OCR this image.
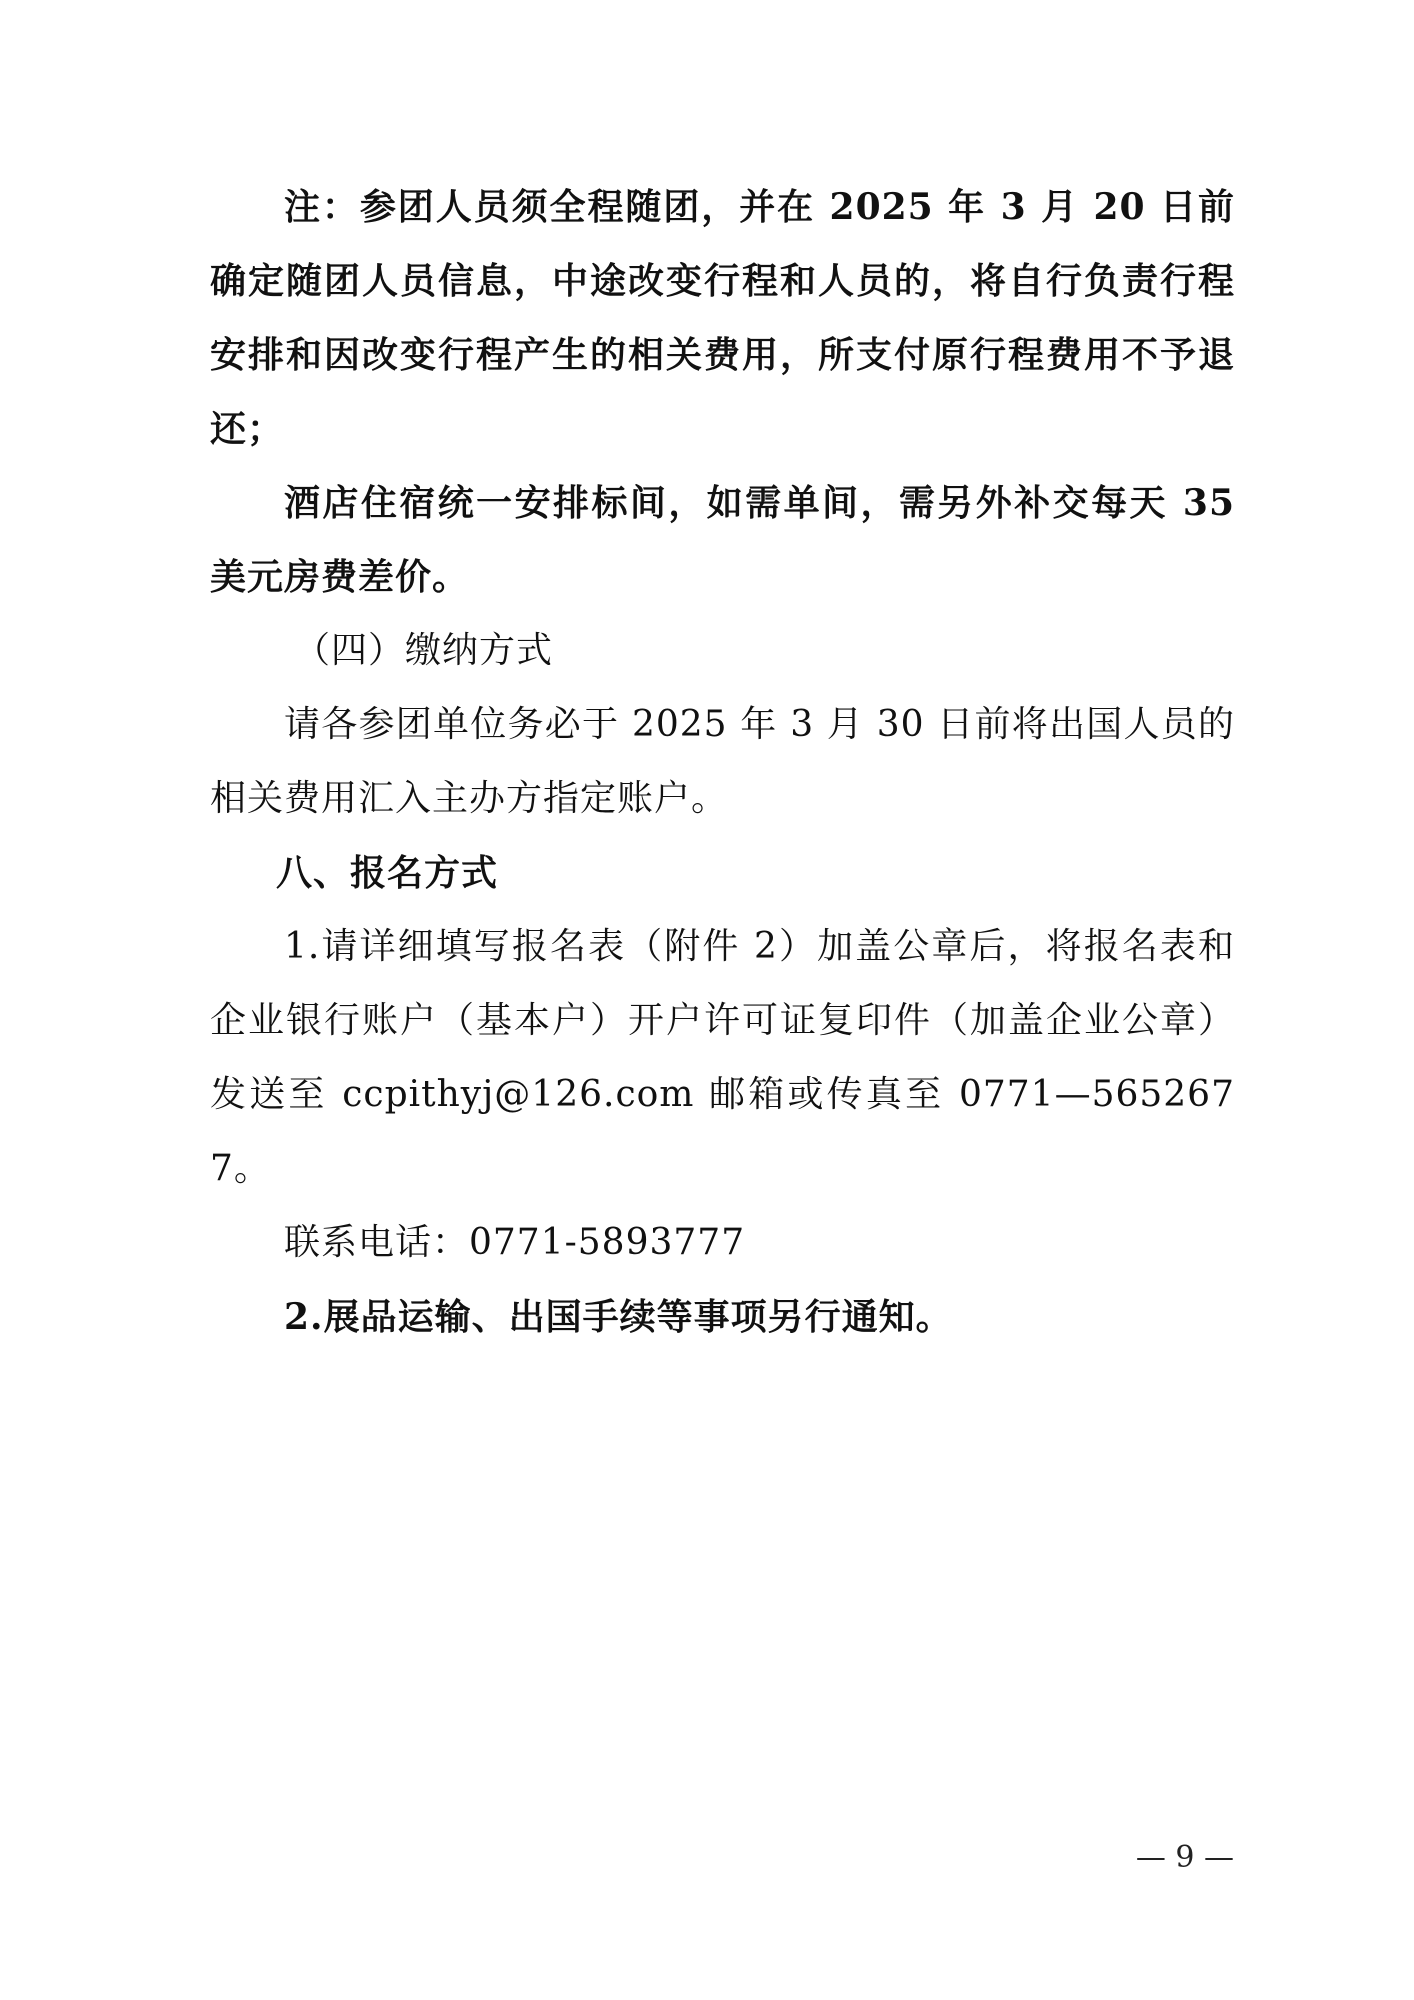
注：参团人员须全程随团，并在 2025 年 3 月 20 日前确定随团人员信息，中途改变行程和人员的，将自行负责行程安排和因改变行程产生的相关费用，所支付原行程费用不予退还；

酒店住宿统一安排标间，如需单间，需另外补交每天 35 美元房费差价。

（四）缴纳方式

请各参团单位务必于 2025 年 3 月 30 日前将出国人员的相关费用汇入主办方指定账户。

八、报名方式

1.请详细填写报名表（附件 2）加盖公章后，将报名表和企业银行账户（基本户）开户许可证复印件（加盖企业公章）发送至 ccpithyj@126.com 邮箱或传真至 0771—5652677。

联系电话：0771-5893777

2.展品运输、出国手续等事项另行通知。

— 9 —
